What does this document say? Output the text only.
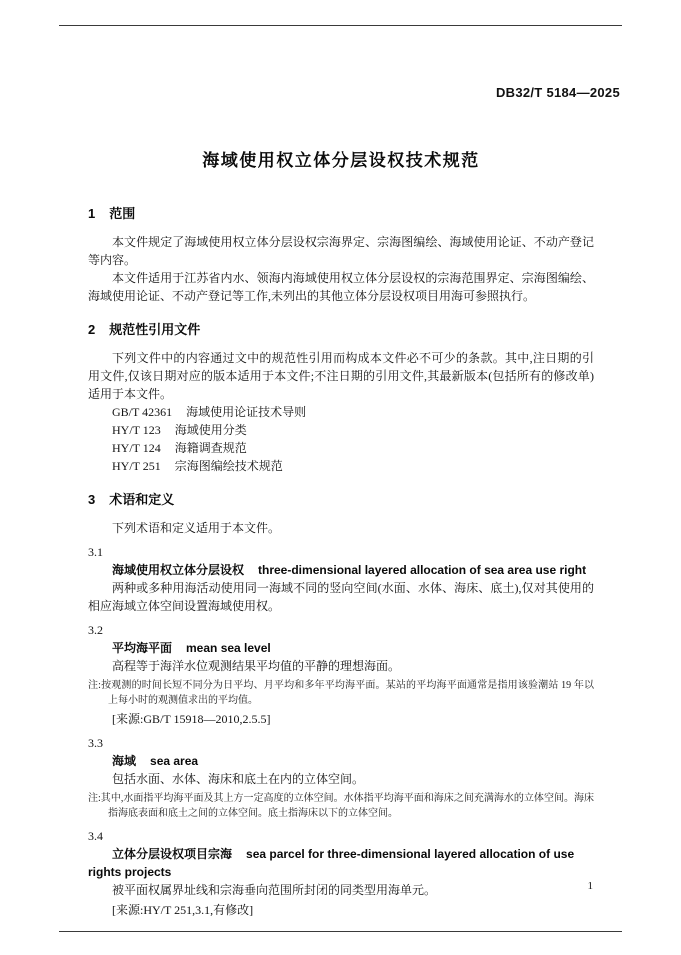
DB32/T 5184—2025
海域使用权立体分层设权技术规范
1 范围

本文件规定了海域使用权立体分层设权宗海界定、宗海图编绘、海域使用论证、不动产登记等内容。

本文件适用于江苏省内水、领海内海域使用权立体分层设权的宗海范围界定、宗海图编绘、海域使用论证、不动产登记等工作,未列出的其他立体分层设权项目用海可参照执行。

2 规范性引用文件

下列文件中的内容通过文中的规范性引用而构成本文件必不可少的条款。其中,注日期的引用文件,仅该日期对应的版本适用于本文件;不注日期的引用文件,其最新版本(包括所有的修改单)适用于本文件。

GB/T 42361 海域使用论证技术导则

HY/T 123 海域使用分类

HY/T 124 海籍调查规范

HY/T 251 宗海图编绘技术规范

3 术语和定义

下列术语和定义适用于本文件。

3.1

海域使用权立体分层设权 three-dimensional layered allocation of sea area use right

两种或多种用海活动使用同一海域不同的竖向空间(水面、水体、海床、底土),仅对其使用的相应海域立体空间设置海域使用权。

3.2

平均海平面 mean sea level

高程等于海洋水位观测结果平均值的平静的理想海面。

注:按观测的时间长短不同分为日平均、月平均和多年平均海平面。某站的平均海平面通常是指用该验潮站 19 年以上每小时的观测值求出的平均值。

[来源:GB/T 15918—2010,2.5.5]

3.3

海域 sea area

包括水面、水体、海床和底土在内的立体空间。

注:其中,水面指平均海平面及其上方一定高度的立体空间。水体指平均海平面和海床之间充满海水的立体空间。海床指海底表面和底土之间的立体空间。底土指海床以下的立体空间。

3.4

立体分层设权项目宗海 sea parcel for three-dimensional layered allocation of use rights projects

被平面权属界址线和宗海垂向范围所封闭的同类型用海单元。

[来源:HY/T 251,3.1,有修改]

1
